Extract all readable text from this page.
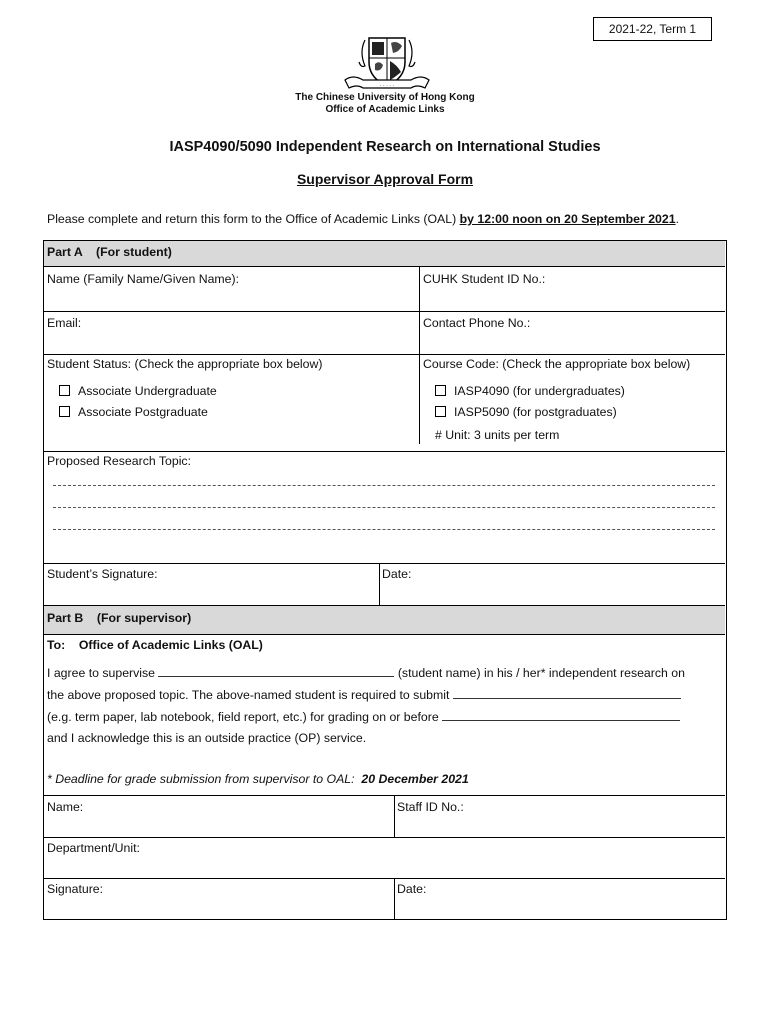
2021-22, Term 1
· · · · ·
The Chinese University of Hong Kong
Office of Academic Links
IASP4090/5090 Independent Research on International Studies
Supervisor Approval Form
Please complete and return this form to the Office of Academic Links (OAL) by 12:00 noon on 20 September 2021.
Part A    (For student)
Name (Family Name/Given Name):	CUHK Student ID No.:
Email:	Contact Phone No.:
Student Status: (Check the appropriate box below)
Associate Undergraduate
Associate Postgraduate
Course Code: (Check the appropriate box below)
IASP4090 (for undergraduates)
IASP5090 (for postgraduates)
# Unit: 3 units per term
Proposed Research Topic:
Student’s Signature:	Date:
Part B    (For supervisor)
To:    Office of Academic Links (OAL)
I agree to supervise	(student name) in his / her* independent research on
the above proposed topic. The above-named student is required to submit
(e.g. term paper, lab notebook, field report, etc.) for grading on or before
and I acknowledge this is an outside practice (OP) service.
* Deadline for grade submission from supervisor to OAL: 20 December 2021
Name:	Staff ID No.:
Department/Unit:
Signature:	Date:
